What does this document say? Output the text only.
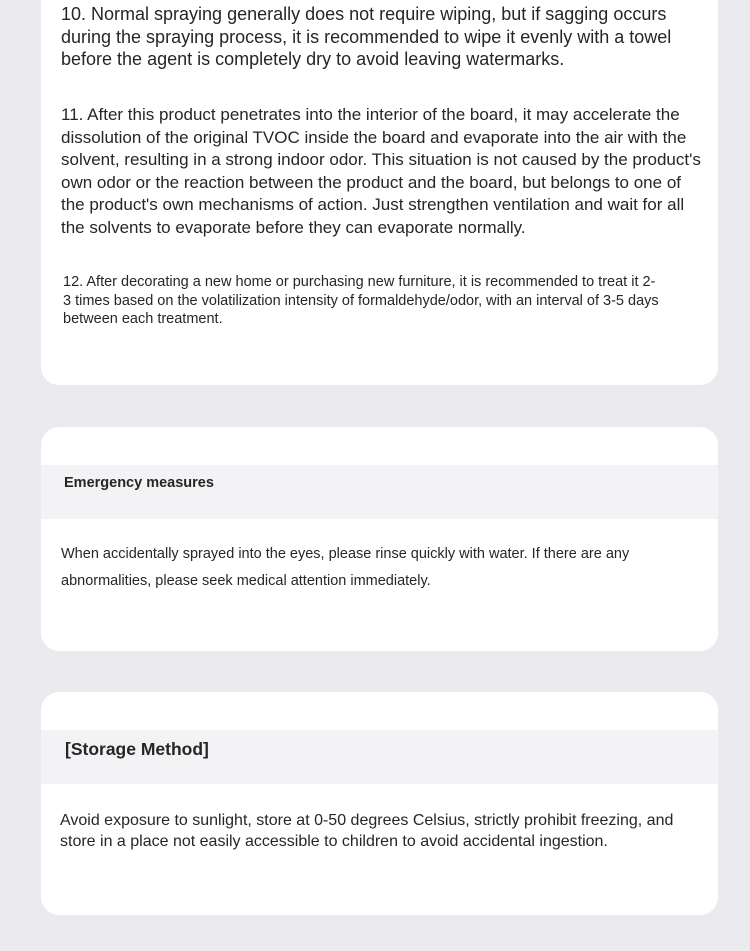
10. Normal spraying generally does not require wiping, but if sagging occurs during the spraying process, it is recommended to wipe it evenly with a towel before the agent is completely dry to avoid leaving watermarks.

11. After this product penetrates into the interior of the board, it may accelerate the dissolution of the original TVOC inside the board and evaporate into the air with the solvent, resulting in a strong indoor odor. This situation is not caused by the product's own odor or the reaction between the product and the board, but belongs to one of the product's own mechanisms of action. Just strengthen ventilation and wait for all the solvents to evaporate before they can evaporate normally.

12. After decorating a new home or purchasing new furniture, it is recommended to treat it 2-3 times based on the volatilization intensity of formaldehyde/odor, with an interval of 3-5 days between each treatment.

Emergency measures

When accidentally sprayed into the eyes, please rinse quickly with water. If there are any abnormalities, please seek medical attention immediately.

[Storage Method]

Avoid exposure to sunlight, store at 0-50 degrees Celsius, strictly prohibit freezing, and store in a place not easily accessible to children to avoid accidental ingestion.
